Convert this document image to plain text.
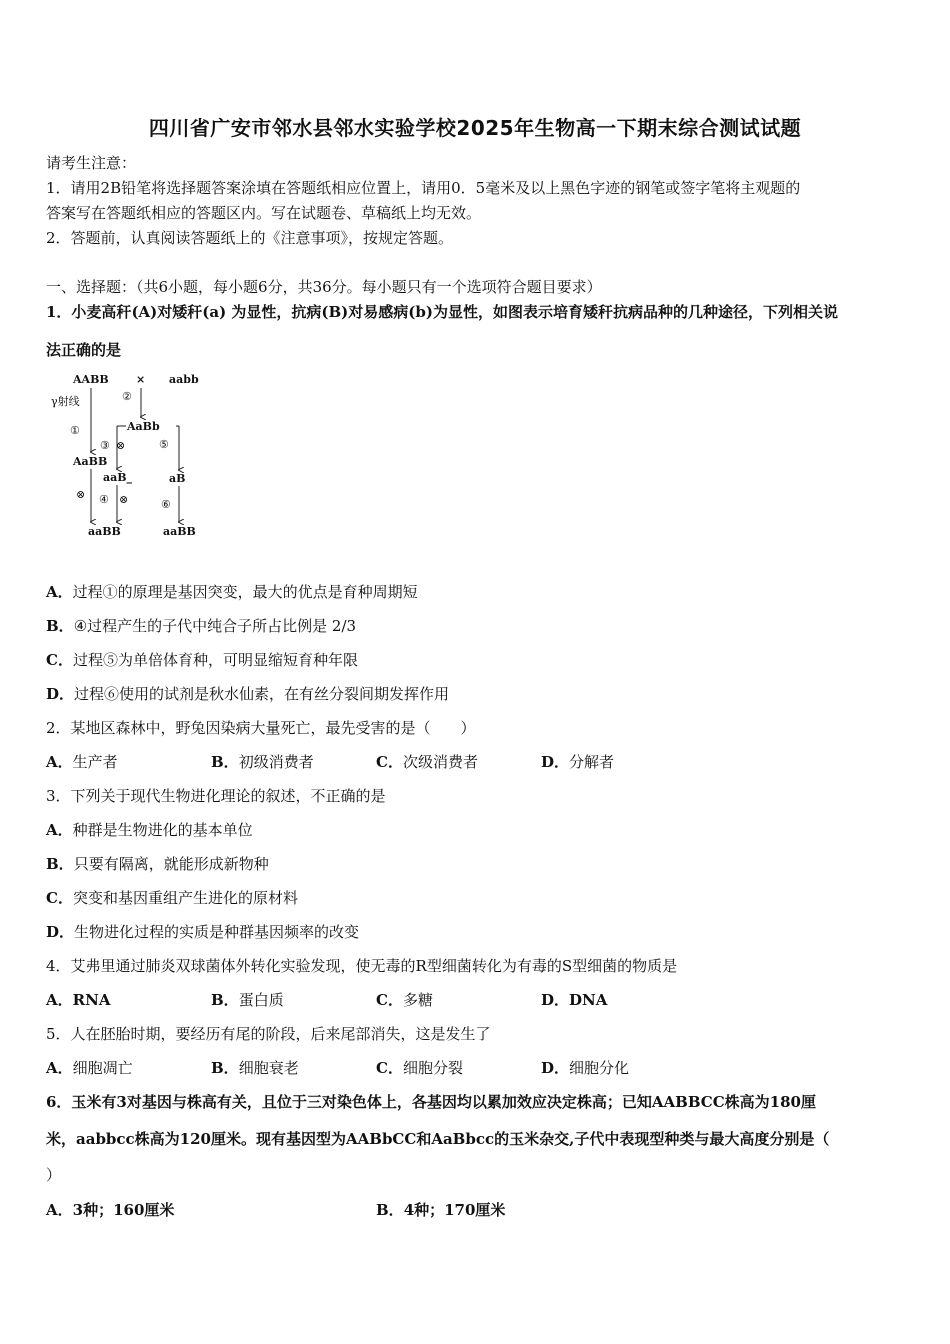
四川省广安市邻水县邻水实验学校2025年生物高一下期末综合测试试题
请考生注意：
1．请用2B铅笔将选择题答案涂填在答题纸相应位置上，请用0．5毫米及以上黑色字迹的钢笔或签字笔将主观题的
答案写在答题纸相应的答题区内。写在试题卷、草稿纸上均无效。
2．答题前，认真阅读答题纸上的《注意事项》，按规定答题。
一、选择题：（共6小题，每小题6分，共36分。每小题只有一个选项符合题目要求）
1．小麦高秆(A)对矮秆(a) 为显性，抗病(B)对易感病(b)为显性，如图表示培育矮秆抗病品种的几种途径，下列相关说
法正确的是
AABB × aabb
γ射线	②
①	AaBb
③ ⊗	⑤
AaBB
aaB_	aB
⊗ ④ ⊗	⑥
aaBB	aaBB
A．过程①的原理是基因突变，最大的优点是育种周期短
B．④过程产生的子代中纯合子所占比例是 2/3
C．过程⑤为单倍体育种，可明显缩短育种年限
D．过程⑥使用的试剂是秋水仙素，在有丝分裂间期发挥作用
2．某地区森林中，野兔因染病大量死亡，最先受害的是（　　）
A．生产者	B．初级消费者	C．次级消费者	D．分解者
3．下列关于现代生物进化理论的叙述，不正确的是
A．种群是生物进化的基本单位
B．只要有隔离，就能形成新物种
C．突变和基因重组产生进化的原材料
D．生物进化过程的实质是种群基因频率的改变
4．艾弗里通过肺炎双球菌体外转化实验发现，使无毒的R型细菌转化为有毒的S型细菌的物质是
A．RNA	B．蛋白质	C．多糖	D．DNA
5．人在胚胎时期，要经历有尾的阶段，后来尾部消失，这是发生了
A．细胞凋亡	B．细胞衰老	C．细胞分裂	D．细胞分化
6．玉米有3对基因与株高有关，且位于三对染色体上，各基因均以累加效应决定株高；已知AABBCC株高为180厘
米，aabbcc株高为120厘米。现有基因型为AABbCC和AaBbcc的玉米杂交,子代中表现型种类与最大高度分别是（
）
A．3种；160厘米	B．4种；170厘米
